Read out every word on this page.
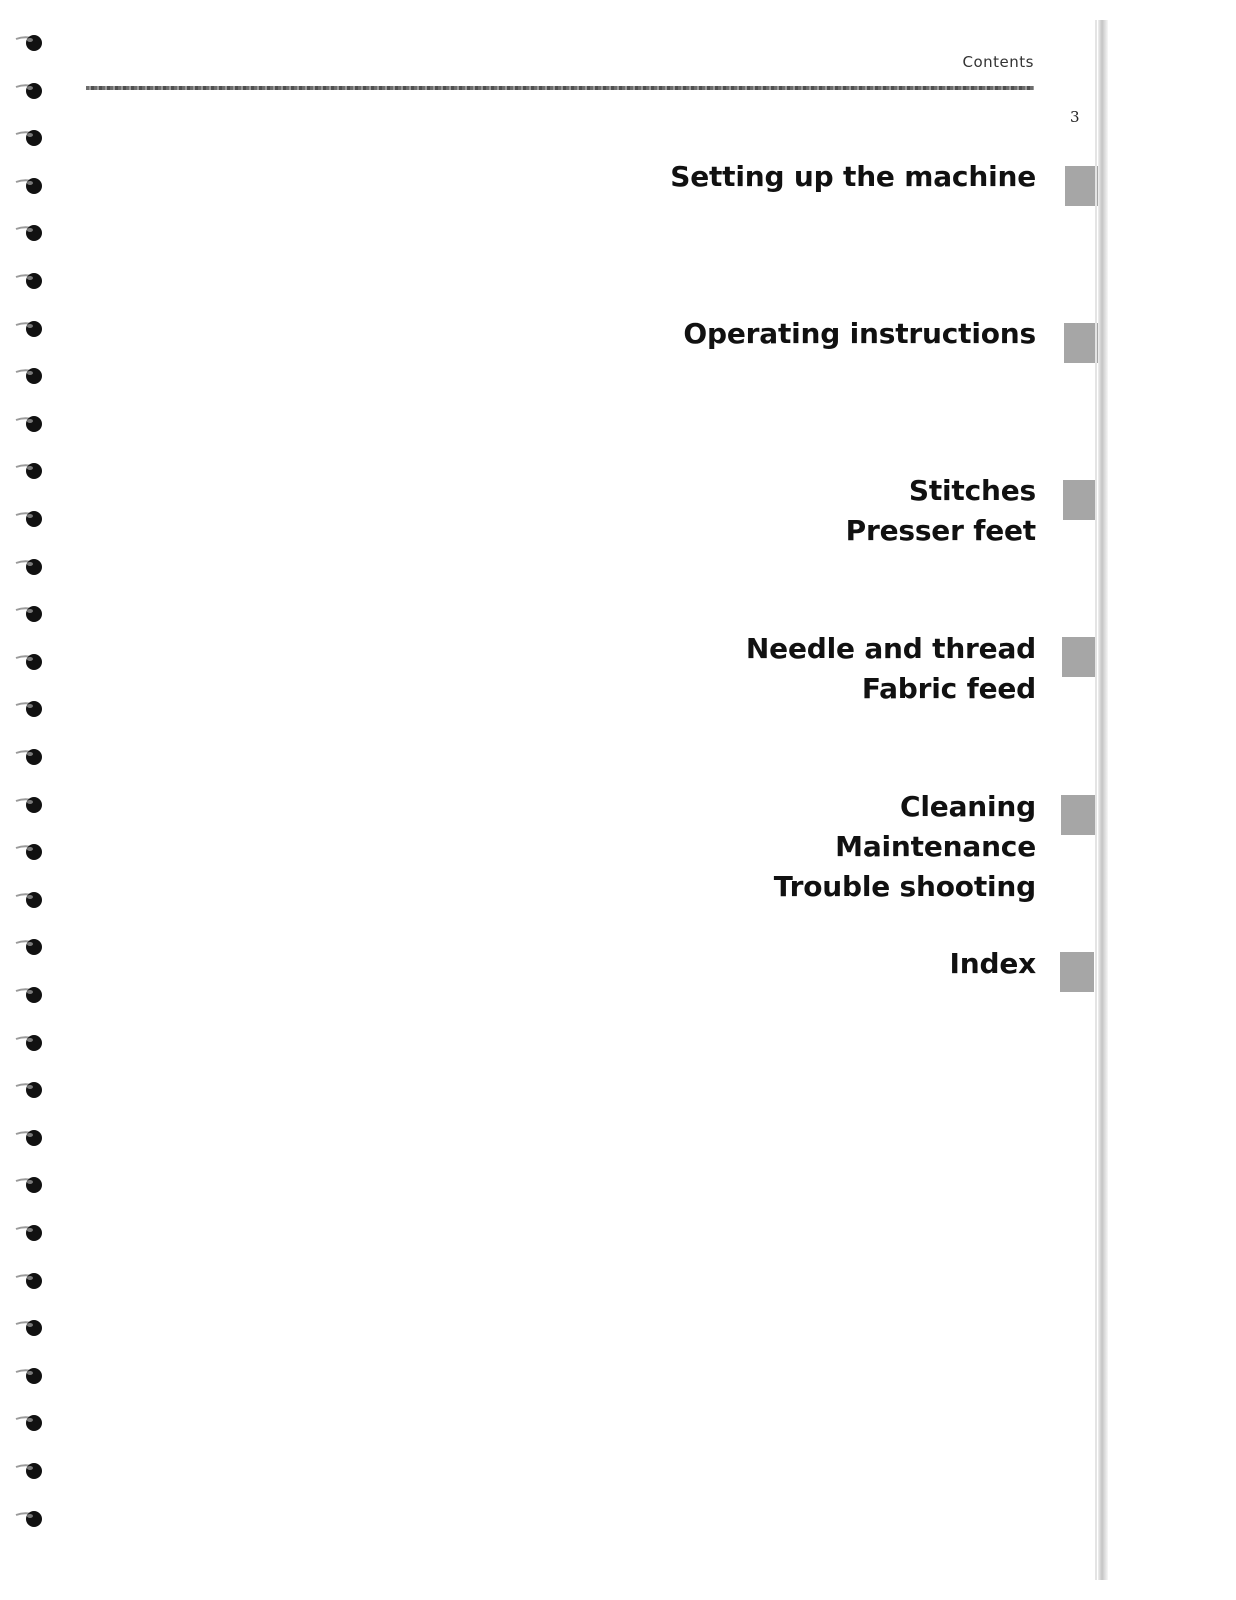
Contents
3
Setting up the machine
Operating instructions
Stitches
Presser feet
Needle and thread
Fabric feed
Cleaning
Maintenance
Trouble shooting
Index
